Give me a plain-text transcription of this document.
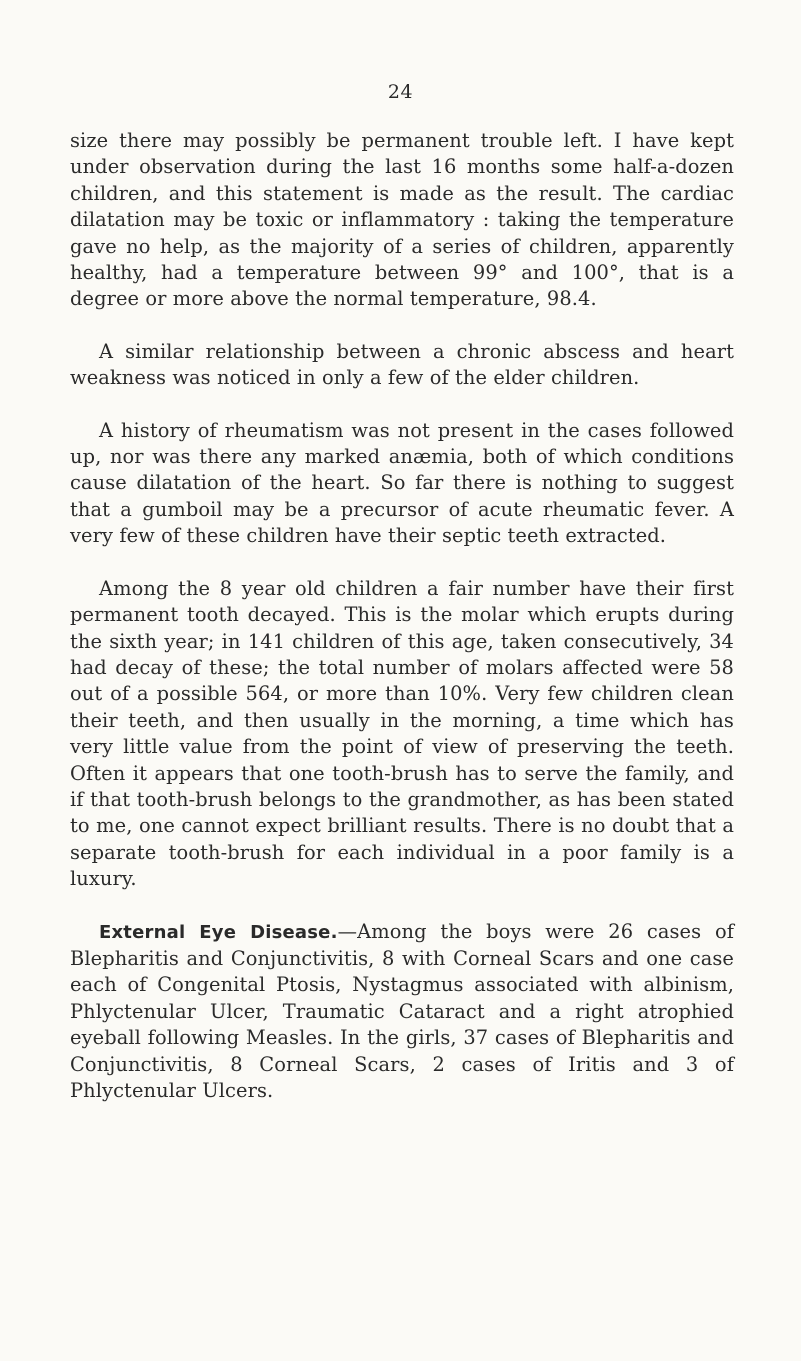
24

size there may possibly be permanent trouble left. I have kept under observation during the last 16 months some half-a-dozen children, and this statement is made as the result. The cardiac dilatation may be toxic or inflammatory : taking the temperature gave no help, as the majority of a series of children, apparently healthy, had a temperature between 99° and 100°, that is a degree or more above the normal temperature, 98.4.

A similar relationship between a chronic abscess and heart weakness was noticed in only a few of the elder children.

A history of rheumatism was not present in the cases followed up, nor was there any marked anæmia, both of which conditions cause dilatation of the heart. So far there is nothing to suggest that a gumboil may be a precursor of acute rheumatic fever. A very few of these children have their septic teeth extracted.

Among the 8 year old children a fair number have their first permanent tooth decayed. This is the molar which erupts during the sixth year; in 141 children of this age, taken consecutively, 34 had decay of these; the total number of molars affected were 58 out of a possible 564, or more than 10%. Very few children clean their teeth, and then usually in the morning, a time which has very little value from the point of view of preserving the teeth. Often it appears that one tooth-brush has to serve the family, and if that tooth-brush belongs to the grandmother, as has been stated to me, one cannot expect brilliant results. There is no doubt that a separate tooth-brush for each individual in a poor family is a luxury.

External Eye Disease.—Among the boys were 26 cases of Blepharitis and Conjunctivitis, 8 with Corneal Scars and one case each of Congenital Ptosis, Nystagmus associated with albinism, Phlyctenular Ulcer, Traumatic Cataract and a right atrophied eyeball following Measles. In the girls, 37 cases of Blepharitis and Conjunctivitis, 8 Corneal Scars, 2 cases of Iritis and 3 of Phlyctenular Ulcers.
